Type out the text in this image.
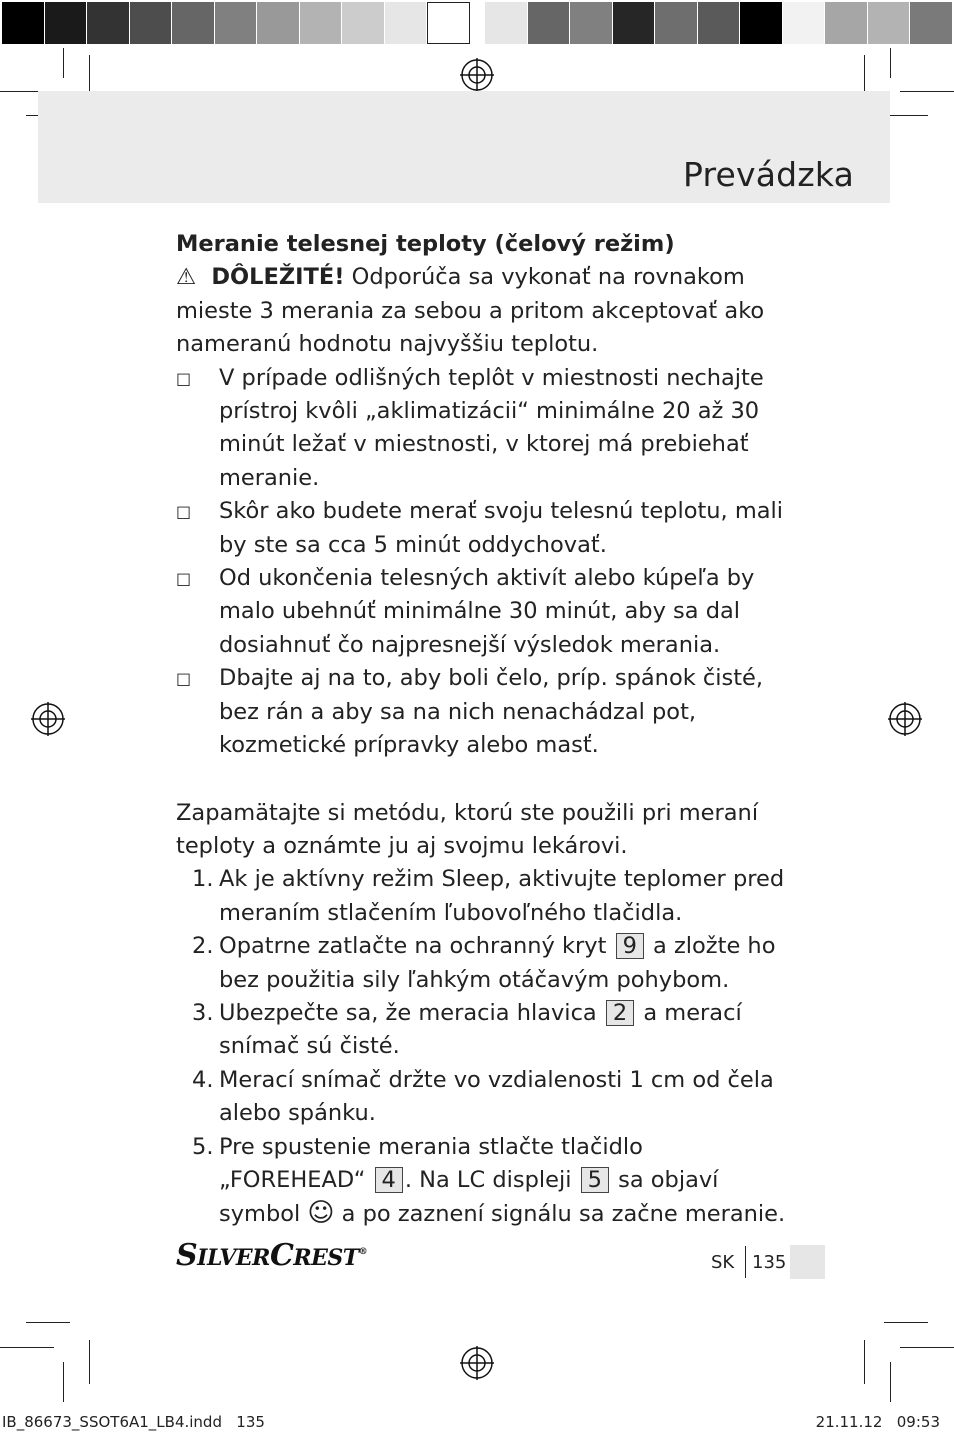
Prevádzka
Meranie telesnej teploty (čelový režim)
⚠ DÔLEŽITÉ! Odporúča sa vykonať na rovnakom mieste 3 merania za sebou a pritom akceptovať ako nameranú hodnotu najvyššiu teplotu.
□ V prípade odlišných teplôt v miestnosti nechajte prístroj kvôli „aklimatizácii“ minimálne 20 až 30 minút ležať v miestnosti, v ktorej má prebiehať meranie.
□ Skôr ako budete merať svoju telesnú teplotu, mali by ste sa cca 5 minút oddychovať.
□ Od ukončenia telesných aktivít alebo kúpeľa by malo ubehnúť minimálne 30 minút, aby sa dal dosiahnuť čo najpresnejší výsledok merania.
□ Dbajte aj na to, aby boli čelo, príp. spánok čisté, bez rán a aby sa na nich nenachádzal pot, kozmetické prípravky alebo masť.
Zapamätajte si metódu, ktorú ste použili pri meraní teploty a oznámte ju aj svojmu lekárovi.
1. Ak je aktívny režim Sleep, aktivujte teplomer pred meraním stlačením ľubovoľného tlačidla.
2. Opatrne zatlačte na ochranný kryt 9 a zložte ho bez použitia sily ľahkým otáčavým pohybom.
3. Ubezpečte sa, že meracia hlavica 2 a merací snímač sú čisté.
4. Merací snímač držte vo vzdialenosti 1 cm od čela alebo spánku.
5. Pre spustenie merania stlačte tlačidlo „FOREHEAD“ 4 . Na LC displeji 5 sa objaví symbol ☺ a po zaznení signálu sa začne meranie.
SILVERCREST®	SK 135
IB_86673_SSOT6A1_LB4.indd   135	21.11.12   09:53
